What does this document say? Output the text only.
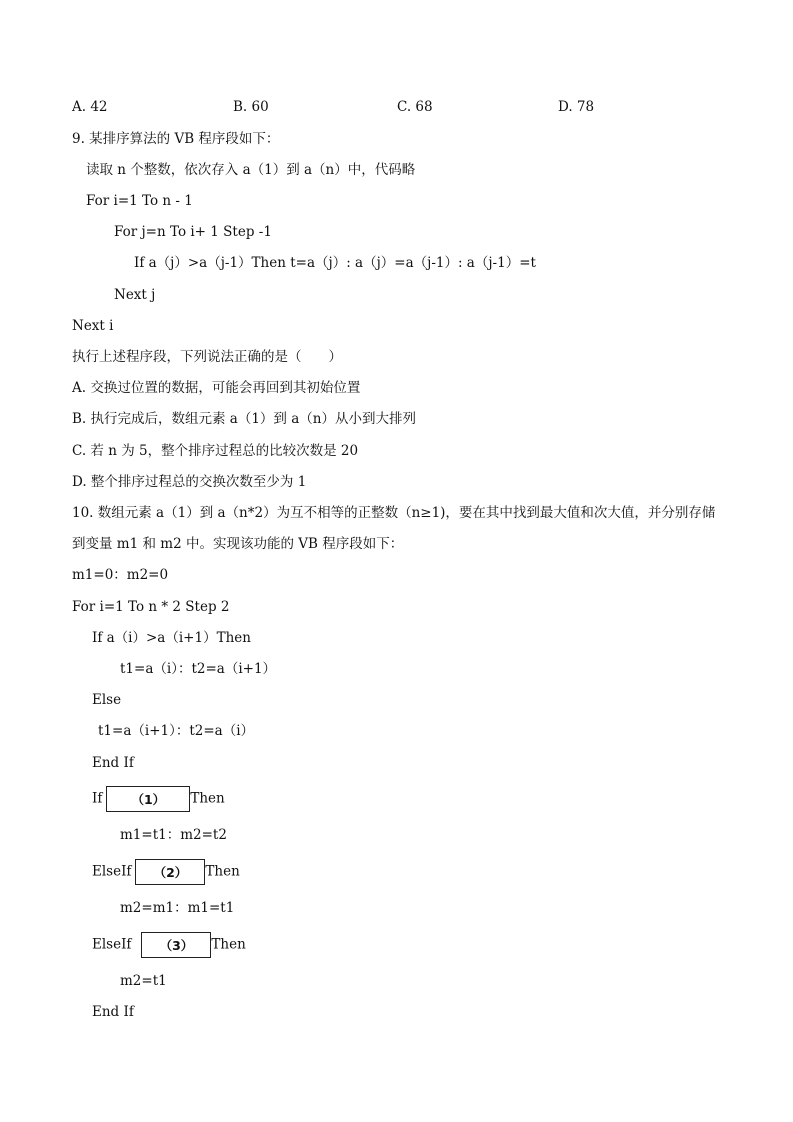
A. 42	B. 60	C. 68	D. 78
9. 某排序算法的 VB 程序段如下：
读取 n 个整数，依次存入 a（1）到 a（n）中，代码略
For i=1 To n - 1
For j=n To i+ 1 Step -1
If a（j）>a（j-1）Then t=a（j）: a（j）=a（j-1）: a（j-1）=t
Next j
Next i
执行上述程序段，下列说法正确的是（　　）
A. 交换过位置的数据，可能会再回到其初始位置
B. 执行完成后，数组元素 a（1）到 a（n）从小到大排列
C. 若 n 为 5，整个排序过程总的比较次数是 20
D. 整个排序过程总的交换次数至少为 1
10. 数组元素 a（1）到 a（n*2）为互不相等的正整数（n≥1)，要在其中找到最大值和次大值，并分别存储
到变量 m1 和 m2 中。实现该功能的 VB 程序段如下：
m1=0：m2=0
For i=1 To n * 2 Step 2
If a（i）>a（i+1）Then
t1=a（i）：t2=a（i+1）
Else
t1=a（i+1）：t2=a（i）
End If
If （1） Then
m1=t1：m2=t2
ElseIf （2） Then
m2=m1：m1=t1
ElseIf （3） Then
m2=t1
End If
